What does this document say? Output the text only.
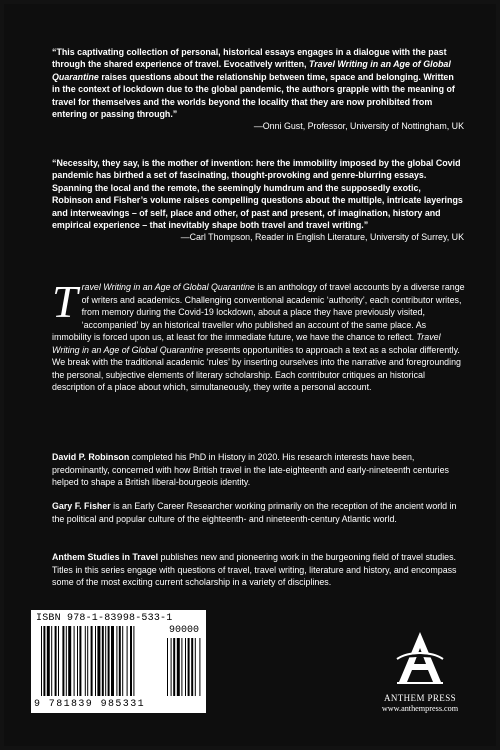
“This captivating collection of personal, historical essays engages in a dialogue with the past through the shared experience of travel. Evocatively written, Travel Writing in an Age of Global Quarantine raises questions about the relationship between time, space and belonging. Written in the context of lockdown due to the global pandemic, the authors grapple with the meaning of travel for themselves and the worlds beyond the locality that they are now prohibited from entering or passing through.”
—Onni Gust, Professor, University of Nottingham, UK
“Necessity, they say, is the mother of invention: here the immobility imposed by the global Covid pandemic has birthed a set of fascinating, thought-provoking and genre-blurring essays. Spanning the local and the remote, the seemingly humdrum and the supposedly exotic, Robinson and Fisher’s volume raises compelling questions about the multiple, intricate layerings and interweavings – of self, place and other, of past and present, of imagination, history and empirical experience – that inevitably shape both travel and travel writing.”
—Carl Thompson, Reader in English Literature, University of Surrey, UK
Travel Writing in an Age of Global Quarantine is an anthology of travel accounts by a diverse range of writers and academics. Challenging conventional academic ‘authority’, each contributor writes, from memory during the Covid-19 lockdown, about a place they have previously visited, ‘accompanied’ by an historical traveller who published an account of the same place. As immobility is forced upon us, at least for the immediate future, we have the chance to reflect. Travel Writing in an Age of Global Quarantine presents opportunities to approach a text as a scholar differently. We break with the traditional academic ‘rules’ by inserting ourselves into the narrative and foregrounding the personal, subjective elements of literary scholarship. Each contributor critiques an historical description of a place about which, simultaneously, they write a personal account.
David P. Robinson completed his PhD in History in 2020. His research interests have been, predominantly, concerned with how British travel in the late-eighteenth and early-nineteenth centuries helped to shape a British liberal-bourgeois identity.
Gary F. Fisher is an Early Career Researcher working primarily on the reception of the ancient world in the political and popular culture of the eighteenth- and nineteenth-century Atlantic world.
Anthem Studies in Travel publishes new and pioneering work in the burgeoning field of travel studies. Titles in this series engage with questions of travel, travel writing, literature and history, and encompass some of the most exciting current scholarship in a variety of disciplines.
ISBN 978-1-83998-533-1
90000
9 781839 985331
ANTHEM PRESS
www.anthempress.com
